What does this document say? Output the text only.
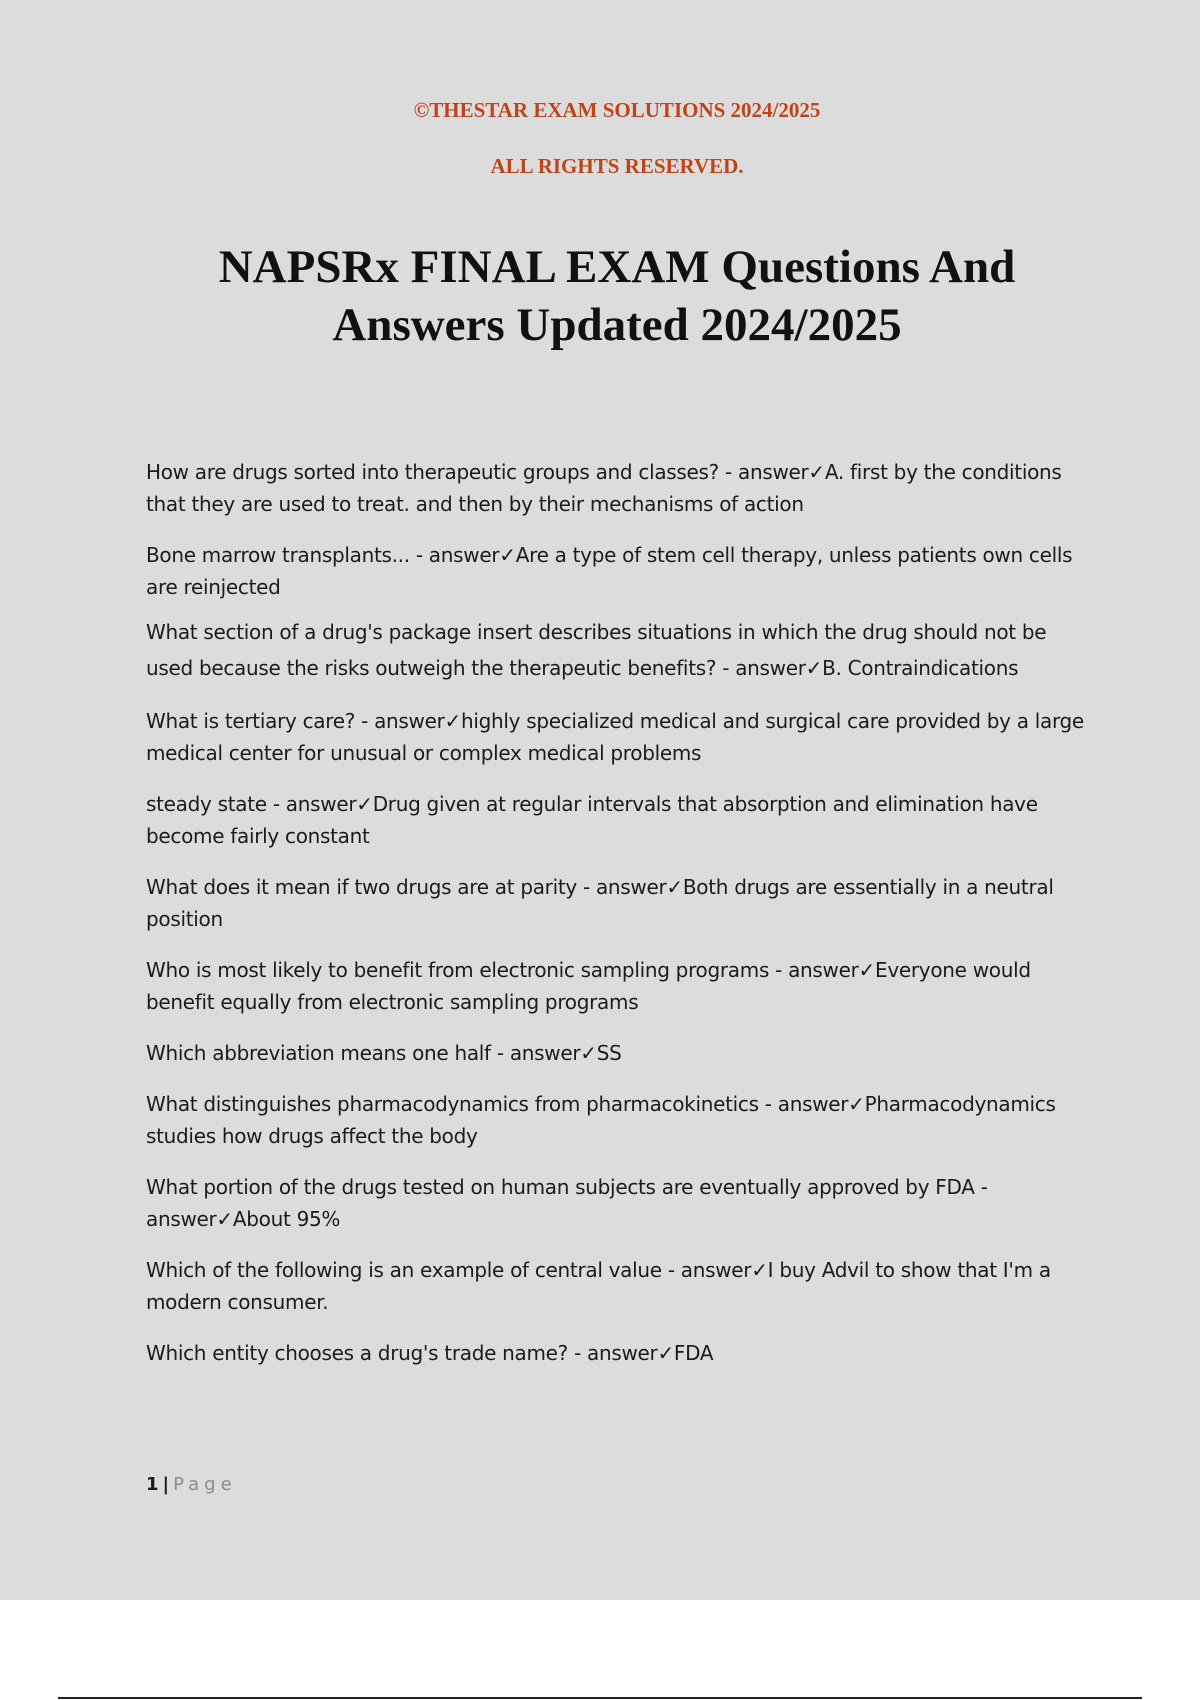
©THESTAR EXAM SOLUTIONS 2024/2025
ALL RIGHTS RESERVED.
NAPSRx FINAL EXAM Questions And
Answers Updated 2024/2025

How are drugs sorted into therapeutic groups and classes? - answer✓A. first by the conditions that they are used to treat. and then by their mechanisms of action

Bone marrow transplants... - answer✓Are a type of stem cell therapy, unless patients own cells are reinjected

What section of a drug's package insert describes situations in which the drug should not be used because the risks outweigh the therapeutic benefits? - answer✓B. Contraindications

What is tertiary care? - answer✓highly specialized medical and surgical care provided by a large medical center for unusual or complex medical problems

steady state - answer✓Drug given at regular intervals that absorption and elimination have become fairly constant

What does it mean if two drugs are at parity - answer✓Both drugs are essentially in a neutral position

Who is most likely to benefit from electronic sampling programs - answer✓Everyone would benefit equally from electronic sampling programs

Which abbreviation means one half - answer✓SS

What distinguishes pharmacodynamics from pharmacokinetics - answer✓Pharmacodynamics studies how drugs affect the body

What portion of the drugs tested on human subjects are eventually approved by FDA - answer✓About 95%

Which of the following is an example of central value - answer✓I buy Advil to show that I'm a modern consumer.

Which entity chooses a drug's trade name? - answer✓FDA

1 | Page
